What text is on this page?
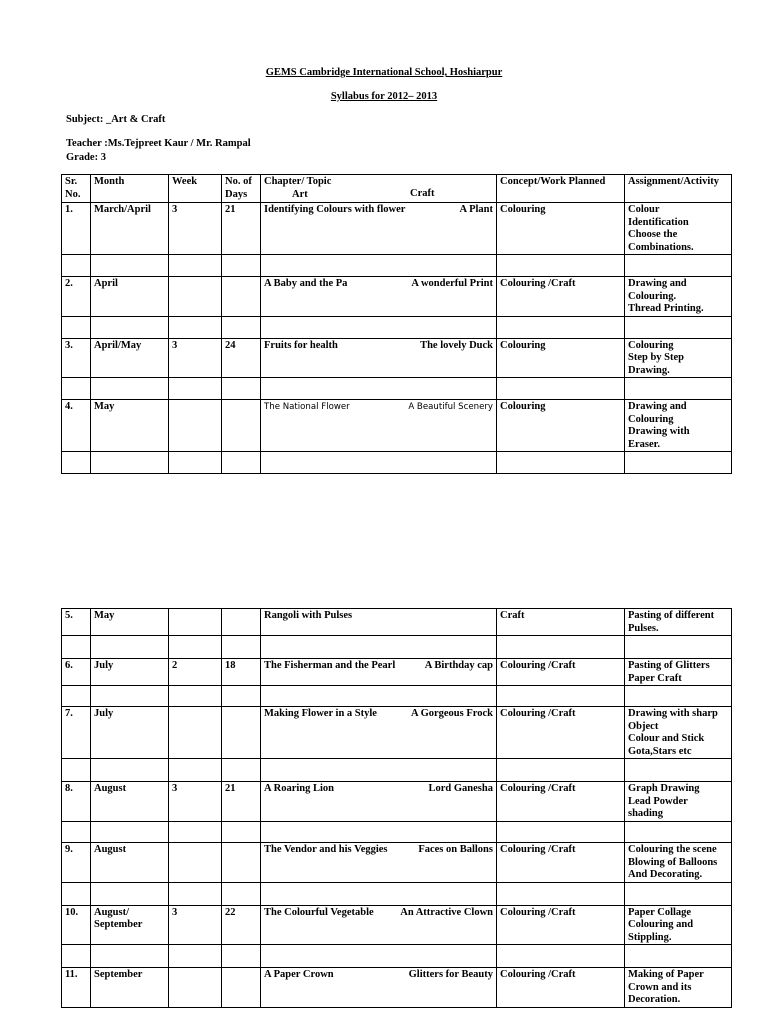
GEMS Cambridge International School, Hoshiarpur
Syllabus for 2012– 2013
Subject: _Art & Craft
Teacher :Ms.Tejpreet Kaur / Mr. Rampal
Grade: 3
Sr. No.	Month	Week	No. of Days	Chapter/ Topic
Art Craft	Concept/Work Planned	Assignment/Activity
1.	March/April	3	21	Identifying Colours with flower A Plant	Colouring	Colour
Identification
Choose the
Combinations.

2.	April			A Baby and the Pa A wonderful Print	Colouring /Craft	Drawing and
Colouring.
Thread Printing.

3.	April/May	3	24	Fruits for health The lovely Duck	Colouring	Colouring
Step by Step
Drawing.

4.	May			The National Flower A Beautiful Scenery	Colouring	Drawing and
Colouring
Drawing with
Eraser.

5.	May			Rangoli with Pulses	Craft	Pasting of different
Pulses.

6.	July	2	18	The Fisherman and the Pearl A Birthday cap	Colouring /Craft	Pasting of Glitters
Paper Craft

7.	July			Making Flower in a Style A Gorgeous Frock	Colouring /Craft	Drawing with sharp
Object
Colour and Stick
Gota,Stars etc

8.	August	3	21	A Roaring Lion Lord Ganesha	Colouring /Craft	Graph Drawing
Lead Powder
shading

9.	August			The Vendor and his Veggies Faces on Ballons	Colouring /Craft	Colouring the scene
Blowing of Balloons
And Decorating.

10.	August/ September	3	22	The Colourful Vegetable An Attractive Clown	Colouring /Craft	Paper Collage
Colouring and
Stippling.

11.	September			A Paper Crown Glitters for Beauty	Colouring /Craft	Making of Paper
Crown and its
Decoration.
